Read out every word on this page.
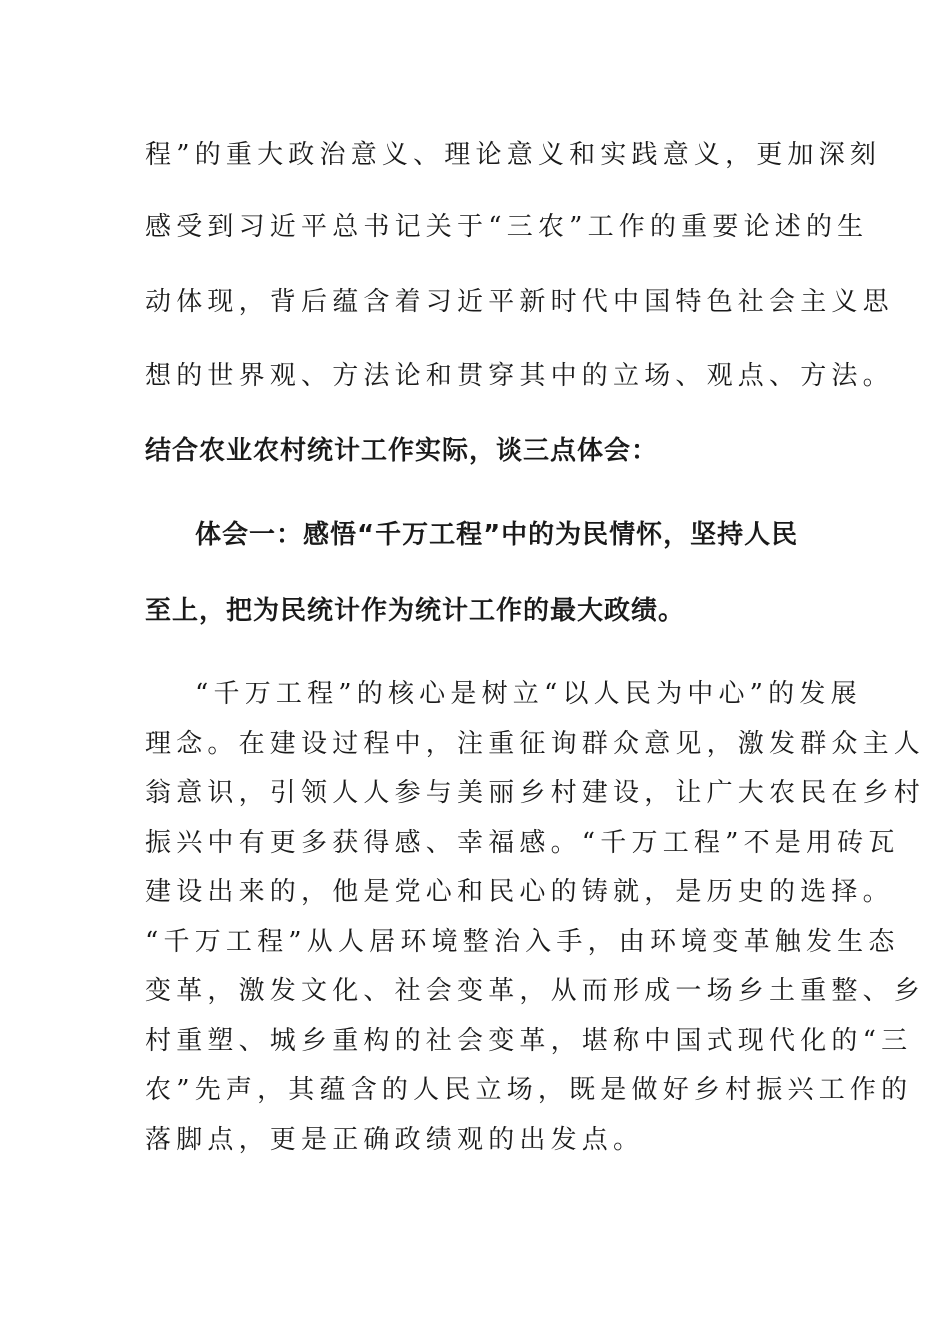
程”的重大政治意义、理论意义和实践意义，更加深刻
感受到习近平总书记关于“三农”工作的重要论述的生
动体现，背后蕴含着习近平新时代中国特色社会主义思
想的世界观、方法论和贯穿其中的立场、观点、方法。
结合农业农村统计工作实际，谈三点体会：
体会一：感悟“千万工程”中的为民情怀，坚持人民
至上，把为民统计作为统计工作的最大政绩。
“千万工程”的核心是树立“以人民为中心”的发展
理念。在建设过程中，注重征询群众意见，激发群众主人
翁意识，引领人人参与美丽乡村建设，让广大农民在乡村
振兴中有更多获得感、幸福感。“千万工程”不是用砖瓦
建设出来的，他是党心和民心的铸就，是历史的选择。
“千万工程”从人居环境整治入手，由环境变革触发生态
变革，激发文化、社会变革，从而形成一场乡土重整、乡
村重塑、城乡重构的社会变革，堪称中国式现代化的“三
农”先声，其蕴含的人民立场，既是做好乡村振兴工作的
落脚点，更是正确政绩观的出发点。
